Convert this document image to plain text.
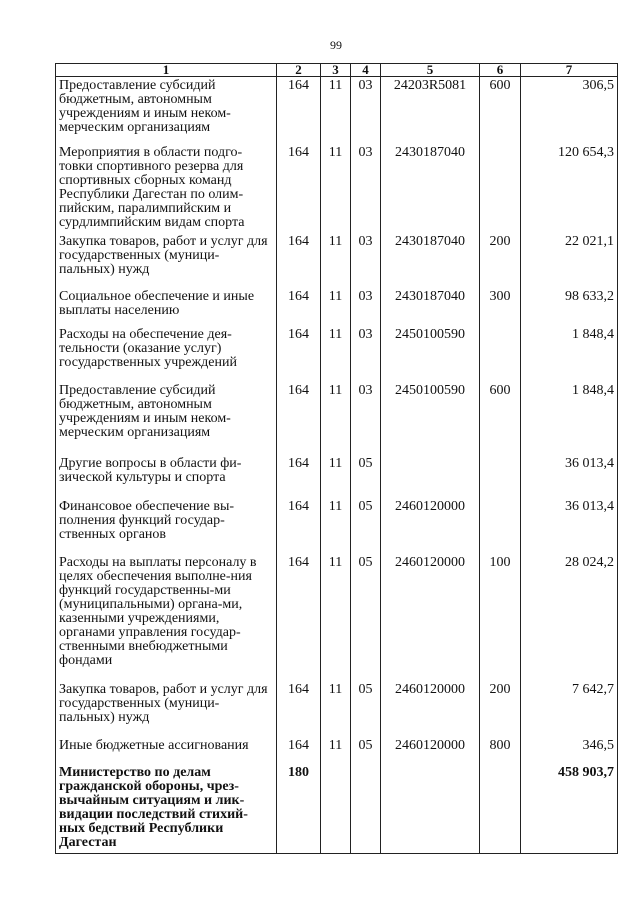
99
1	2	3	4	5	6	7
Предоставление субсидий бюджетным, автономным учреждениям и иным неком-мерческим организациям	164	11	03	24203R5081	600	306,5
Мероприятия в области подго-товки спортивного резерва для спортивных сборных команд Республики Дагестан по олим-пийским, паралимпийским и сурдлимпийским видам спорта	164	11	03	2430187040		120 654,3
Закупка товаров, работ и услуг для государственных (муници-пальных) нужд	164	11	03	2430187040	200	22 021,1
Социальное обеспечение и иные выплаты населению	164	11	03	2430187040	300	98 633,2
Расходы на обеспечение дея-тельности (оказание услуг) государственных учреждений	164	11	03	2450100590		1 848,4
Предоставление субсидий бюджетным, автономным учреждениям и иным неком-мерческим организациям	164	11	03	2450100590	600	1 848,4
Другие вопросы в области фи-зической культуры и спорта	164	11	05			36 013,4
Финансовое обеспечение вы-полнения функций государ-ственных органов	164	11	05	2460120000		36 013,4
Расходы на выплаты персоналу в целях обеспечения выполне-ния функций государственны-ми (муниципальными) органа-ми, казенными учреждениями, органами управления государ-ственными внебюджетными фондами	164	11	05	2460120000	100	28 024,2
Закупка товаров, работ и услуг для государственных (муници-пальных) нужд	164	11	05	2460120000	200	7 642,7
Иные бюджетные ассигнования	164	11	05	2460120000	800	346,5
Министерство по делам гражданской обороны, чрез-вычайным ситуациям и лик-видации последствий стихий-ных бедствий Республики Дагестан	180					458 903,7
